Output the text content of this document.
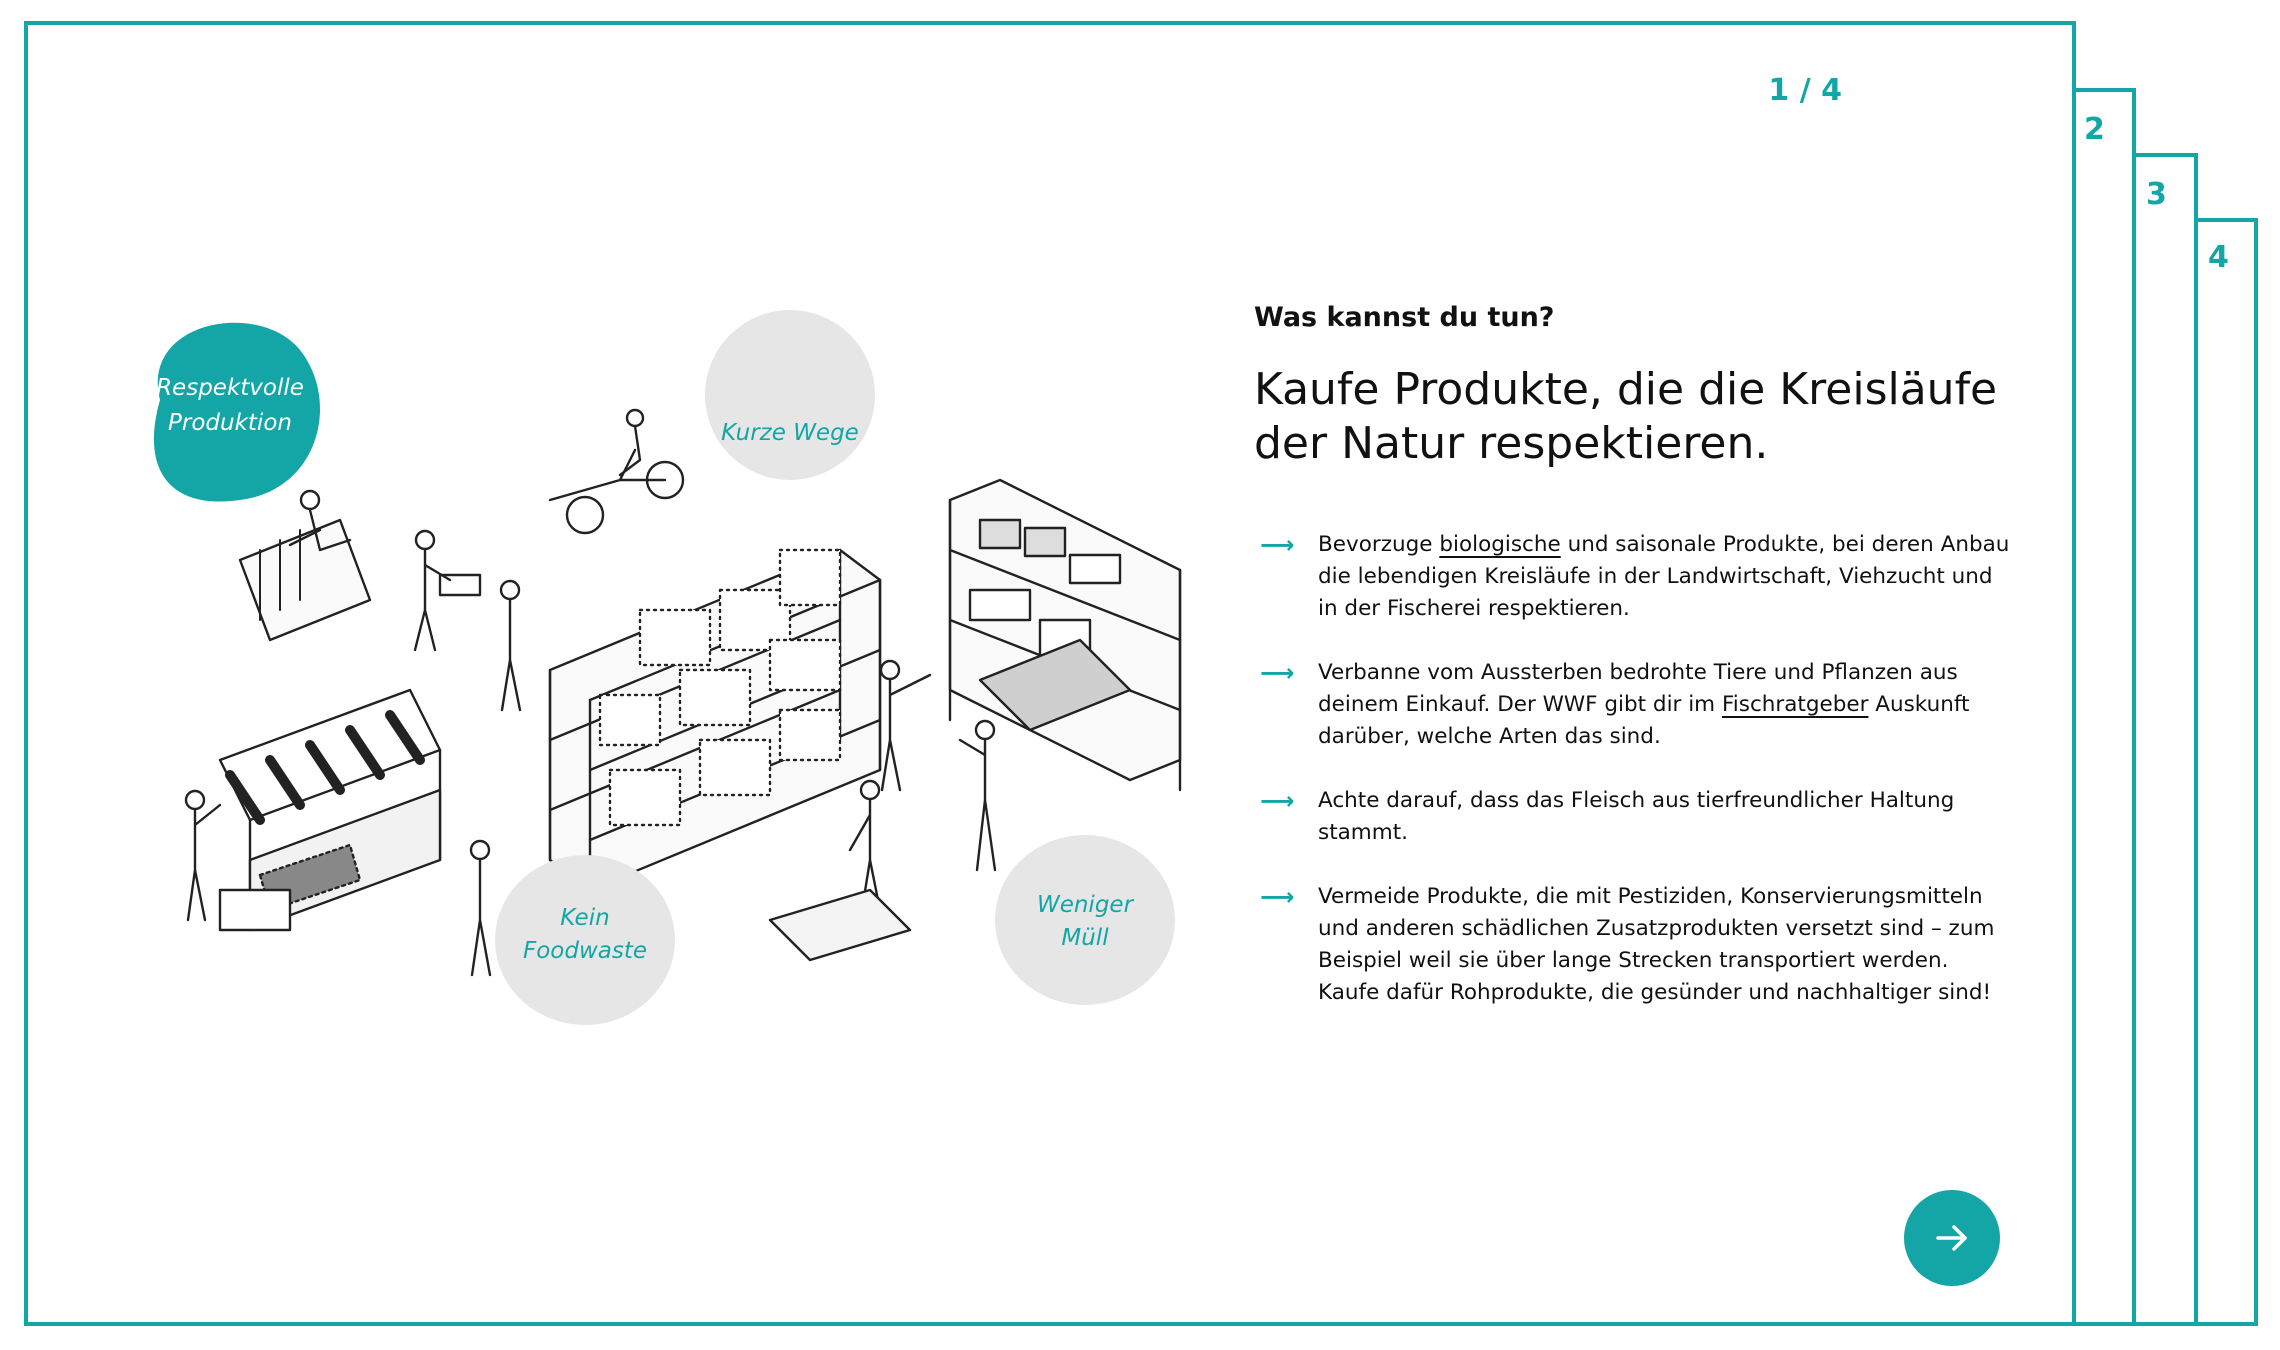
2
3
4
1 / 4
Respektvolle
Produktion	Kurze Wege
Kein
Foodwaste
Weniger
Müll

Was kannst du tun?

Kaufe Produkte, die die Kreisläufe der Natur respektieren.
⟶ Bevorzuge biologische und saisonale Produkte, bei deren Anbau die lebendigen Kreisläufe in der Landwirtschaft, Viehzucht und in der Fischerei respektieren.
⟶ Verbanne vom Aussterben bedrohte Tiere und Pflanzen aus deinem Einkauf. Der WWF gibt dir im Fischratgeber Auskunft darüber, welche Arten das sind.
⟶ Achte darauf, dass das Fleisch aus tierfreundlicher Haltung stammt.
⟶ Vermeide Produkte, die mit Pestiziden, Konservierungsmitteln und anderen schädlichen Zusatzprodukten versetzt sind – zum Beispiel weil sie über lange Strecken transportiert werden. Kaufe dafür Rohprodukte, die gesünder und nachhaltiger sind!
